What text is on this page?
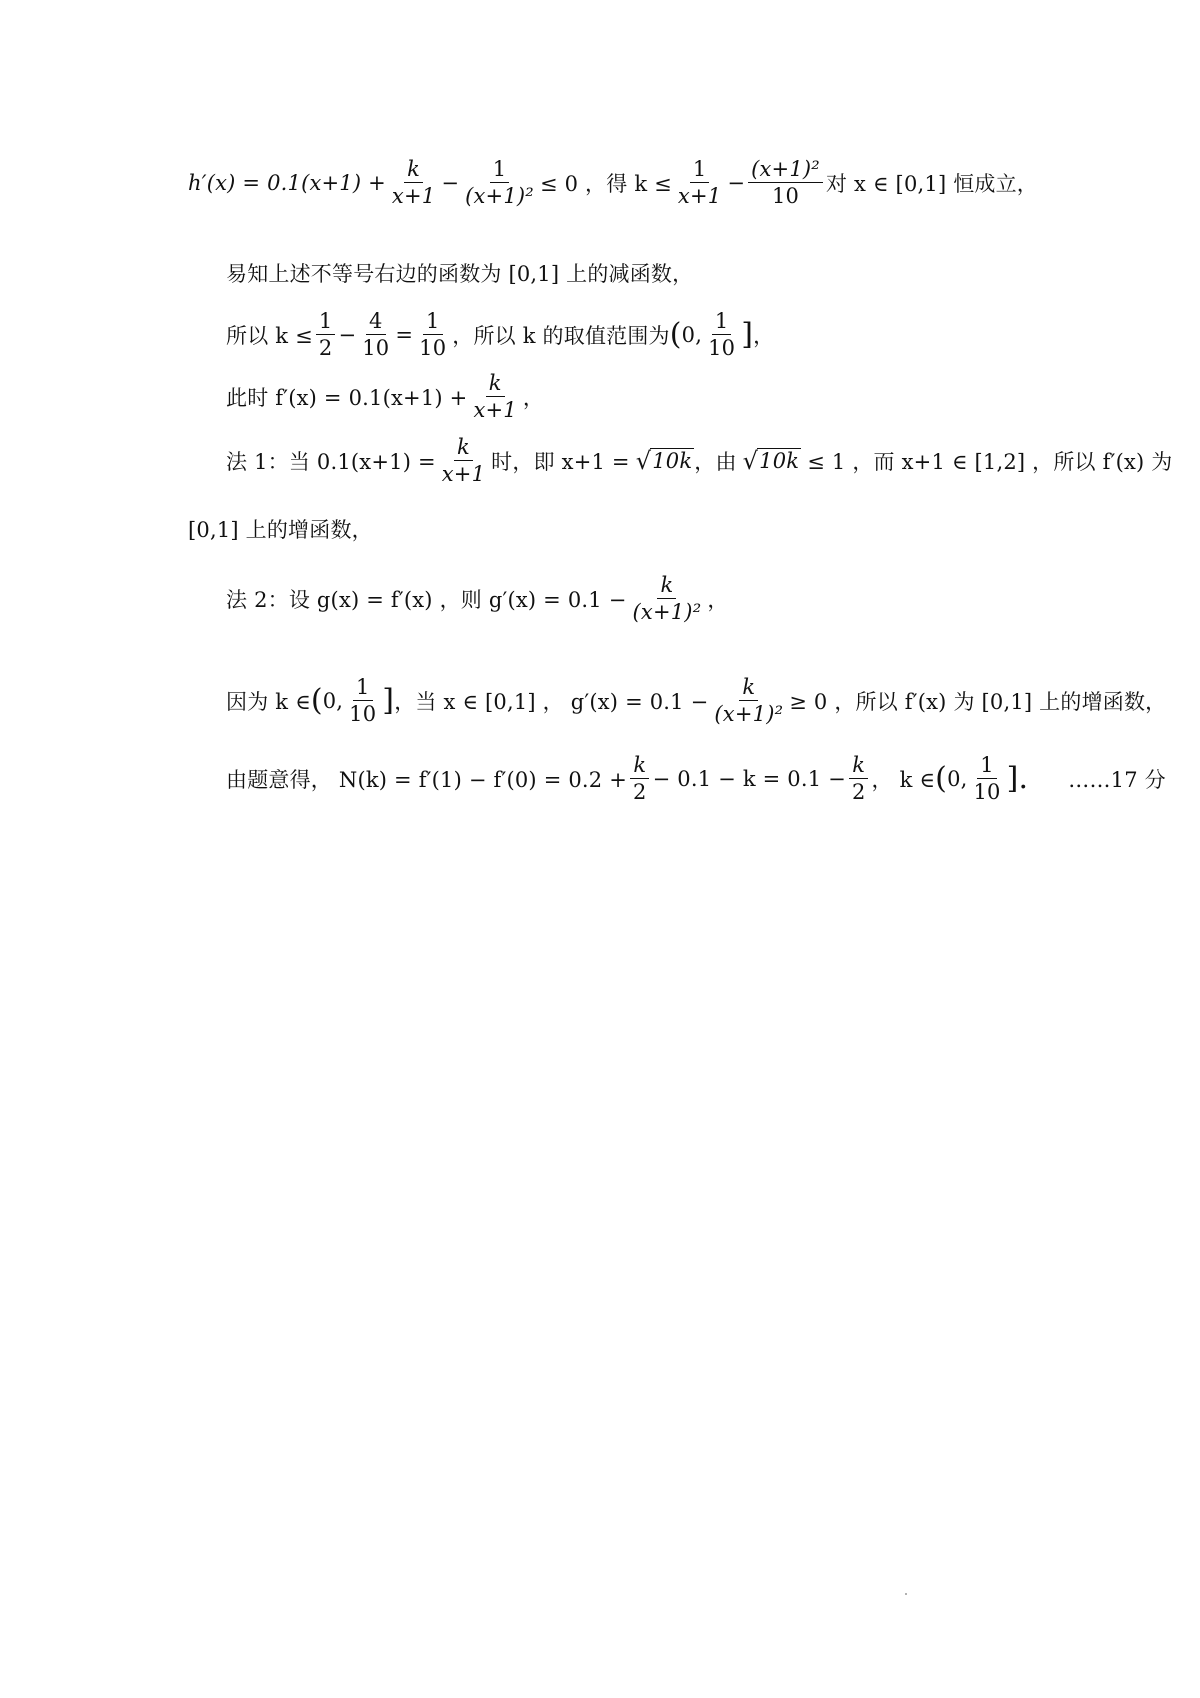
$h'(x) = 0.1(x+1) + \frac{k}{x+1} - \frac{1}{\text{(x+1)²}} \le 0$ ，得 $k \le \frac{1}{x+1} - \frac{\text{(x+1)²}}{10}$ 对 x ∈ [0,1] 恒成立，
易知上述不等号右边的函数为 [0,1] 上的减函数，
所以 $k \le \frac{1}{2} - \frac{4}{10} = \frac{1}{10}$ ，所以 k 的取值范围为 ( 0, $\frac{1}{10}$ ] ，
此时 $f'(x) = 0.1(x+1) + \frac{k}{x+1}$ ，
法 1：当 $0.1(x+1) = \frac{k}{x+1}$ 时，即 x+1 = √ 10k ，由 √ 10k ≤ 1 ，而 x+1 ∈ [1,2] ，所以 f′(x) 为
[0,1] 上的增函数，
法 2：设 g(x) = f′(x) ，则 $g'(x) = 0.1 - \frac{k}{\text{(x+1)²}}$ ，
因为 k ∈ ( 0, $\frac{1}{10}$ ] ，当 x ∈ [0,1] ， $g'(x) = 0.1 - \frac{k}{\text{(x+1)²}} \ge 0$ ，所以 f′(x) 为 [0,1] 上的增函数，
由题意得， $N(k) = f'(1) - f'(0) = 0.2 + \frac{k}{2} - 0.1 - k = 0.1 - \frac{k}{2}$ ， k ∈ ( 0, $\frac{1}{10}$ ]. ……17 分
